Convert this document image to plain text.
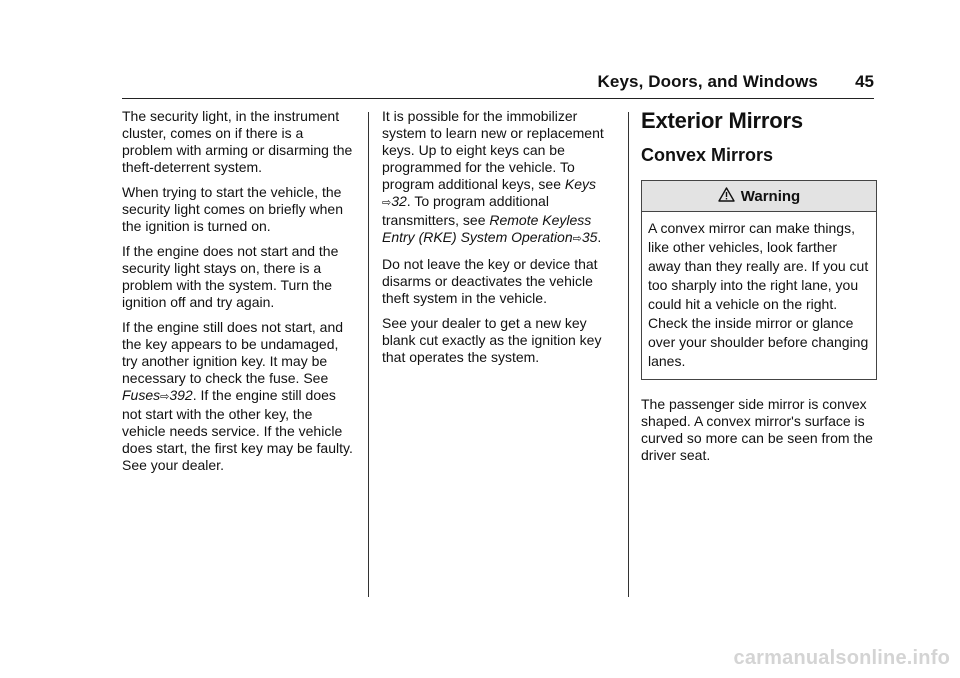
Keys, Doors, and Windows 45

The security light, in the instrument cluster, comes on if there is a problem with arming or disarming the theft-deterrent system.

When trying to start the vehicle, the security light comes on briefly when the ignition is turned on.

If the engine does not start and the security light stays on, there is a problem with the system. Turn the ignition off and try again.

If the engine still does not start, and the key appears to be undamaged, try another ignition key. It may be necessary to check the fuse. See Fuses⇨392. If the engine still does not start with the other key, the vehicle needs service. If the vehicle does start, the first key may be faulty. See your dealer.

It is possible for the immobilizer system to learn new or replacement keys. Up to eight keys can be programmed for the vehicle. To program additional keys, see Keys
⇨32. To program additional transmitters, see Remote Keyless Entry (RKE) System Operation⇨35.

Do not leave the key or device that disarms or deactivates the vehicle theft system in the vehicle.

See your dealer to get a new key blank cut exactly as the ignition key that operates the system.

Exterior Mirrors
Convex Mirrors
Warning
A convex mirror can make things, like other vehicles, look farther away than they really are. If you cut too sharply into the right lane, you could hit a vehicle on the right. Check the inside mirror or glance over your shoulder before changing lanes.

The passenger side mirror is convex shaped. A convex mirror's surface is curved so more can be seen from the driver seat.

carmanualsonline.info
